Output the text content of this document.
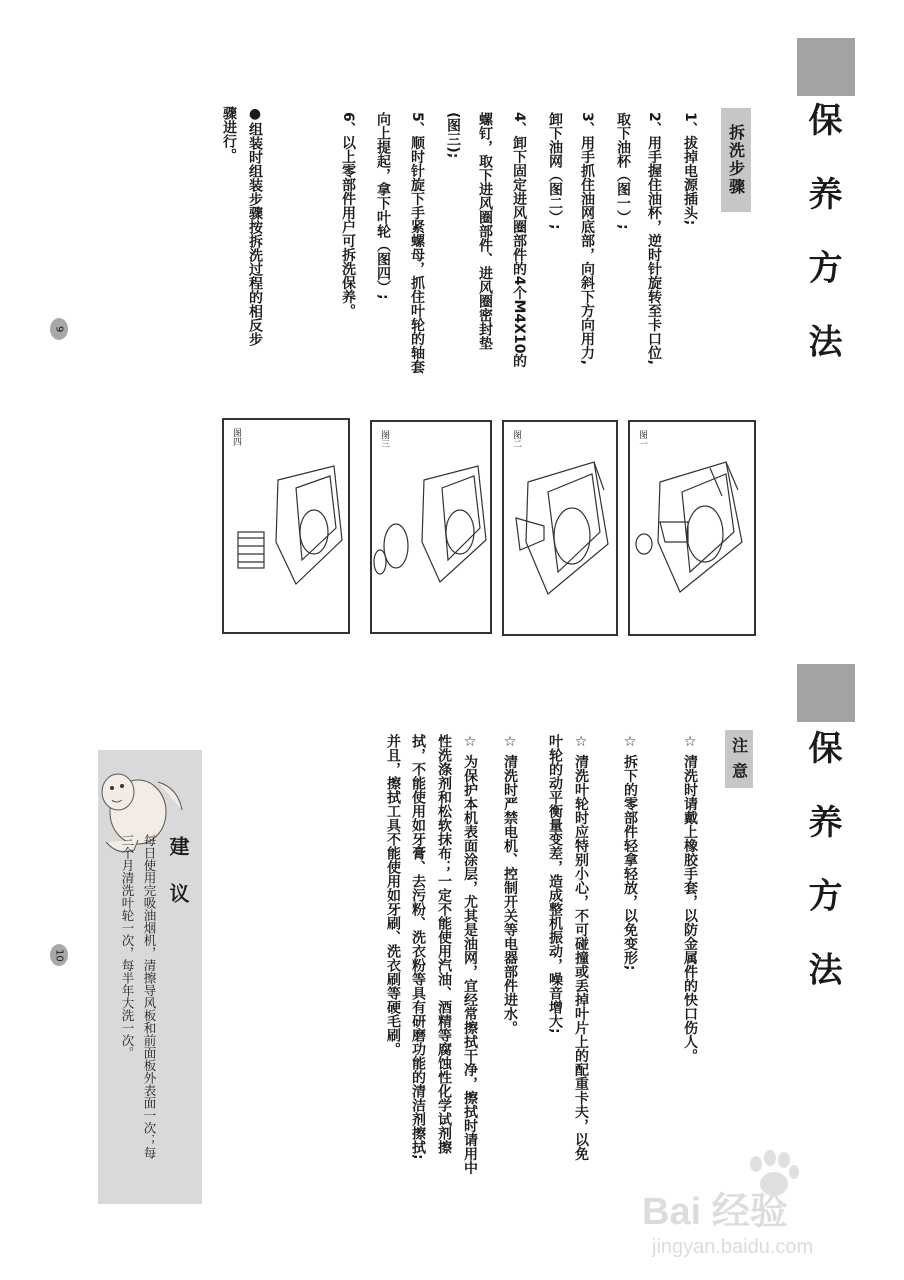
保 养 方 法
拆洗步骤
1、拔掉电源插头;
2、用手握住油杯，逆时针旋转至卡口位,
取下油杯（图一）;
3、用手抓住油网底部，向斜下方向用力,
卸下油网（图二）;
4、卸下固定进风圈部件的4个M4X10的
螺钉，取下进风圈部件、进风圈密封垫
(图三);
5、顺时针旋下手紧螺母，抓住叶轮的轴套
向上提起，拿下叶轮（图四）;
6、以上零部件用户可拆洗保养。
●组装时组装步骤按拆洗过程的相反步
骤进行。
9
图一
图二
图三
图四
保 养 方 法
注 意
☆ 清洗时请戴上橡胶手套，以防金属件的快口伤人。
☆ 拆下的零部件轻拿轻放，以免变形;
☆ 清洗叶轮时应特别小心，不可碰撞或丢掉叶片上的配重卡夫，以免
叶轮的动平衡量变差，造成整机振动，噪音增大;
☆ 清洗时严禁电机、控制开关等电器部件进水。
☆ 为保护本机表面涂层，尤其是油网，宜经常擦拭干净，擦拭时请用中
性洗涤剂和松软抹布；一定不能使用汽油、酒精等腐蚀性化学试剂擦
拭，不能使用如牙膏、去污粉、洗衣粉等具有研磨功能的清洁剂擦拭;
并且，擦拭工具不能使用如牙刷、洗衣刷等硬毛刷。
建 议
每日使用完吸油烟机，清擦导风板和前面板外表面一次；每
三个月清洗叶轮一次，每半年大洗一次。
10
Bai 经验
jingyan.baidu.com
